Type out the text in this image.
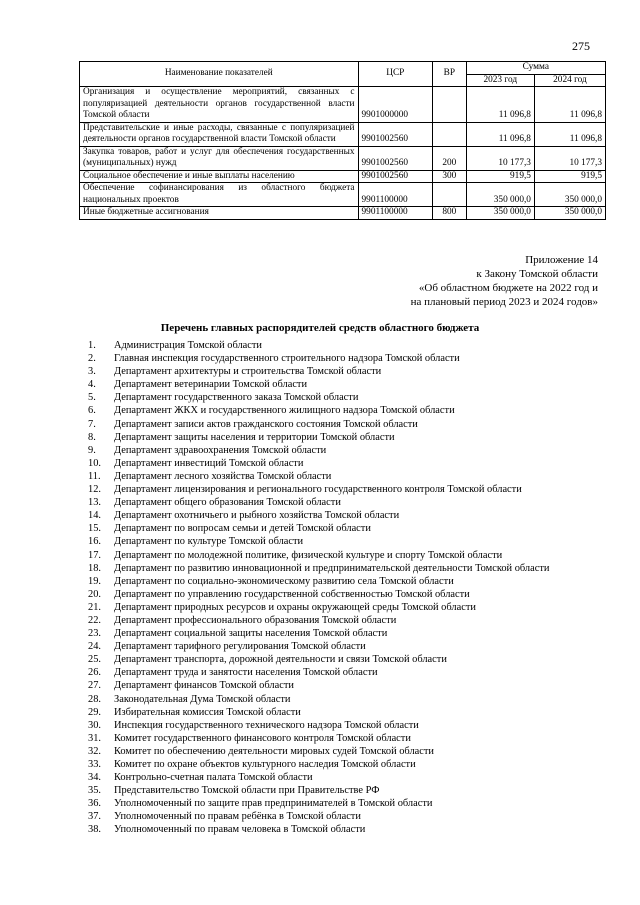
275
Наименование показателей	ЦСР	ВР	Сумма	
			2023 год	2024 год
Организация и осуществление мероприятий, связанных с популяризацией деятельности органов государственной власти Томской области	9901000000		11 096,8	11 096,8
Представительские и иные расходы, связанные с популяризацией деятельности органов государственной власти Томской области	9901002560		11 096,8	11 096,8
Закупка товаров, работ и услуг для обеспечения государственных (муниципальных) нужд	9901002560	200	10 177,3	10 177,3
Социальное обеспечение и иные выплаты населению	9901002560	300	919,5	919,5
Обеспечение софинансирования из областного бюджета национальных проектов	9901100000		350 000,0	350 000,0
Иные бюджетные ассигнования	9901100000	800	350 000,0	350 000,0
Приложение 14
к Закону Томской области
«Об областном бюджете на 2022 год и
на плановый период 2023 и 2024 годов»
Перечень главных распорядителей средств областного бюджета
1.	Администрация Томской области
2.	Главная инспекция государственного строительного надзора Томской области
3.	Департамент архитектуры и строительства Томской области
4.	Департамент ветеринарии Томской области
5.	Департамент государственного заказа Томской области
6.	Департамент ЖКХ и государственного жилищного надзора Томской области
7.	Департамент записи актов гражданского состояния Томской области
8.	Департамент защиты населения и территории Томской области
9.	Департамент здравоохранения Томской области
10.	Департамент инвестиций Томской области
11.	Департамент лесного хозяйства Томской области
12.	Департамент лицензирования и регионального государственного контроля Томской области
13.	Департамент общего образования Томской области
14.	Департамент охотничьего и рыбного хозяйства Томской области
15.	Департамент по вопросам семьи и детей Томской области
16.	Департамент по культуре Томской области
17.	Департамент по молодежной политике, физической культуре и спорту Томской области
18.	Департамент по развитию инновационной и предпринимательской деятельности Томской области
19.	Департамент по социально-экономическому развитию села Томской области
20.	Департамент по управлению государственной собственностью Томской области
21.	Департамент природных ресурсов и охраны окружающей среды Томской области
22.	Департамент профессионального образования Томской области
23.	Департамент социальной защиты населения Томской области
24.	Департамент тарифного регулирования Томской области
25.	Департамент транспорта, дорожной деятельности и связи Томской области
26.	Департамент труда и занятости населения Томской области
27.	Департамент финансов Томской области
28.	Законодательная Дума Томской области
29.	Избирательная комиссия Томской области
30.	Инспекция государственного технического надзора Томской области
31.	Комитет государственного финансового контроля Томской области
32.	Комитет по обеспечению деятельности мировых судей Томской области
33.	Комитет по охране объектов культурного наследия Томской области
34.	Контрольно-счетная палата Томской области
35.	Представительство Томской области при Правительстве РФ
36.	Уполномоченный по защите прав предпринимателей в Томской области
37.	Уполномоченный по правам ребёнка в Томской области
38.	Уполномоченный по правам человека в Томской области
